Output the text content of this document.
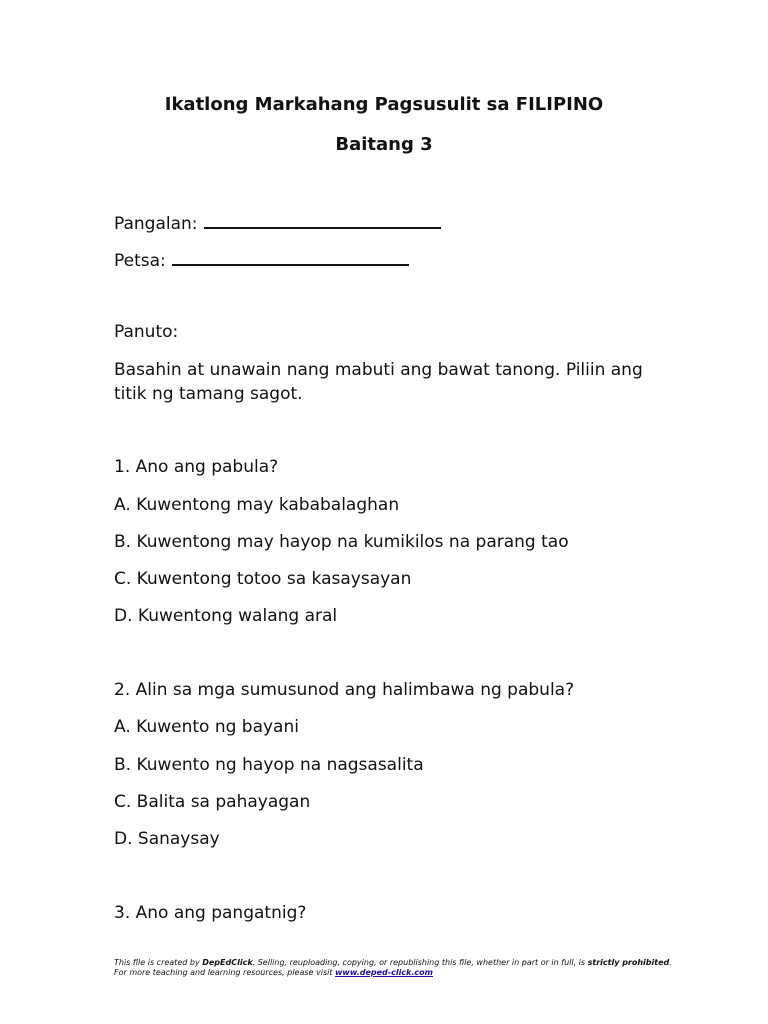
Ikatlong Markahang Pagsusulit sa FILIPINO
Baitang 3
Pangalan:
Petsa:
Panuto:
Basahin at unawain nang mabuti ang bawat tanong. Piliin ang titik ng tamang sagot.
1. Ano ang pabula?
A. Kuwentong may kababalaghan
B. Kuwentong may hayop na kumikilos na parang tao
C. Kuwentong totoo sa kasaysayan
D. Kuwentong walang aral
2. Alin sa mga sumusunod ang halimbawa ng pabula?
A. Kuwento ng bayani
B. Kuwento ng hayop na nagsasalita
C. Balita sa pahayagan
D. Sanaysay
3. Ano ang pangatnig?
This file is created by DepEdClick. Selling, reuploading, copying, or republishing this file, whether in part or in full, is strictly prohibited.
For more teaching and learning resources, please visit www.deped-click.com
